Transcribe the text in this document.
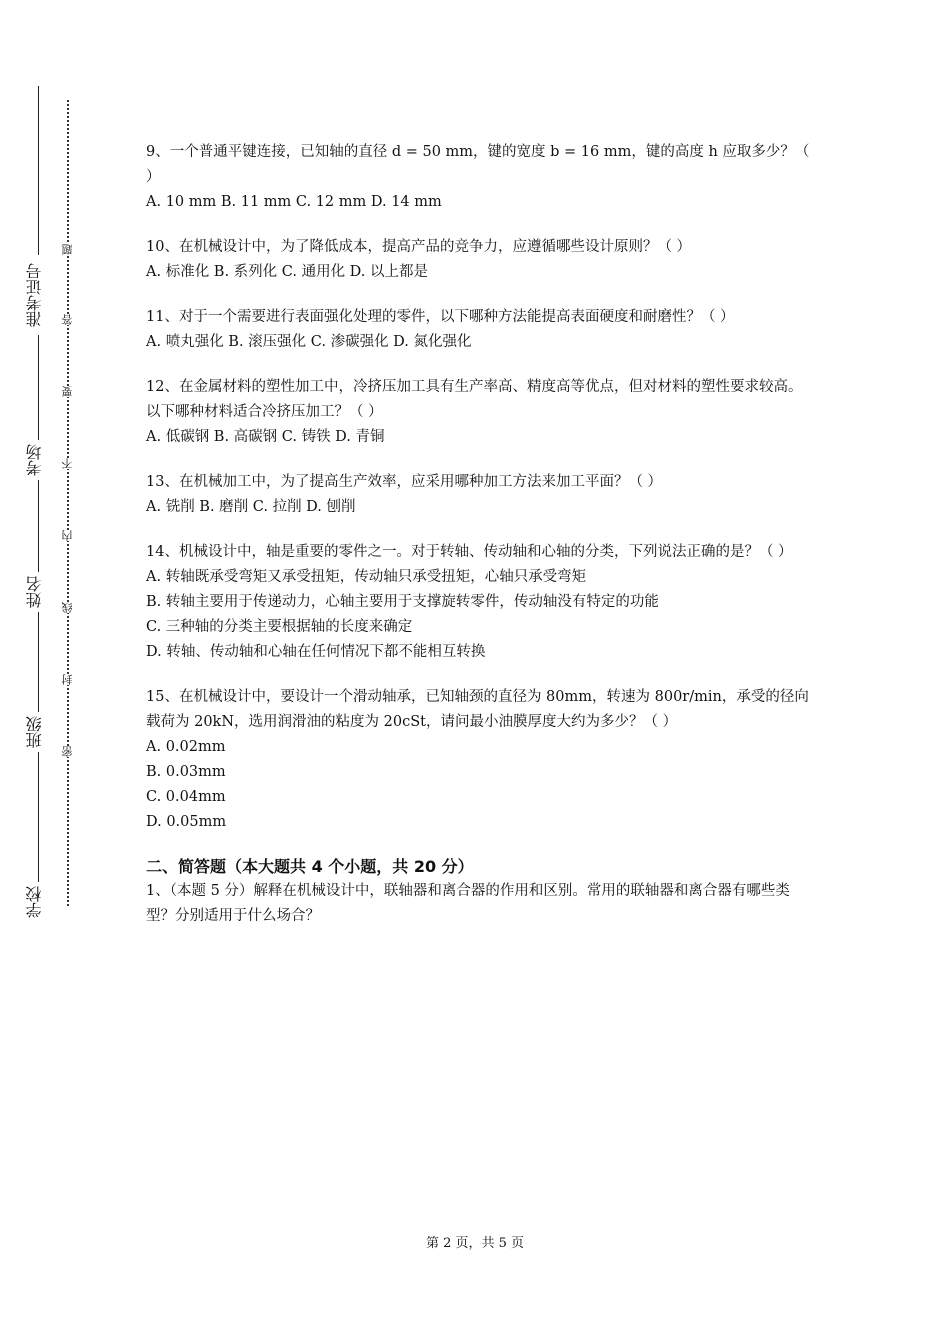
准考证号
考场
姓名
班级
学校
题
答
要
不
内
线
封
密
9、一个普通平键连接，已知轴的直径 d = 50 mm，键的宽度 b = 16 mm，键的高度 h 应取多少？（ ）
A. 10 mm B. 11 mm C. 12 mm D. 14 mm
10、在机械设计中，为了降低成本，提高产品的竞争力，应遵循哪些设计原则？（ ）
A. 标准化 B. 系列化 C. 通用化 D. 以上都是
11、对于一个需要进行表面强化处理的零件，以下哪种方法能提高表面硬度和耐磨性？（ ）
A. 喷丸强化 B. 滚压强化 C. 渗碳强化 D. 氮化强化
12、在金属材料的塑性加工中，冷挤压加工具有生产率高、精度高等优点，但对材料的塑性要求较高。以下哪种材料适合冷挤压加工？（ ）
A. 低碳钢 B. 高碳钢 C. 铸铁 D. 青铜
13、在机械加工中，为了提高生产效率，应采用哪种加工方法来加工平面？（ ）
A. 铣削 B. 磨削 C. 拉削 D. 刨削
14、机械设计中，轴是重要的零件之一。对于转轴、传动轴和心轴的分类，下列说法正确的是？（ ）
A. 转轴既承受弯矩又承受扭矩，传动轴只承受扭矩，心轴只承受弯矩
B. 转轴主要用于传递动力，心轴主要用于支撑旋转零件，传动轴没有特定的功能
C. 三种轴的分类主要根据轴的长度来确定
D. 转轴、传动轴和心轴在任何情况下都不能相互转换
15、在机械设计中，要设计一个滑动轴承，已知轴颈的直径为 80mm，转速为 800r/min，承受的径向载荷为 20kN，选用润滑油的粘度为 20cSt，请问最小油膜厚度大约为多少？（ ）
A. 0.02mm
B. 0.03mm
C. 0.04mm
D. 0.05mm
二、简答题（本大题共 4 个小题，共 20 分）
1、（本题 5 分）解释在机械设计中，联轴器和离合器的作用和区别。常用的联轴器和离合器有哪些类型？分别适用于什么场合？
第 2 页，共 5 页
